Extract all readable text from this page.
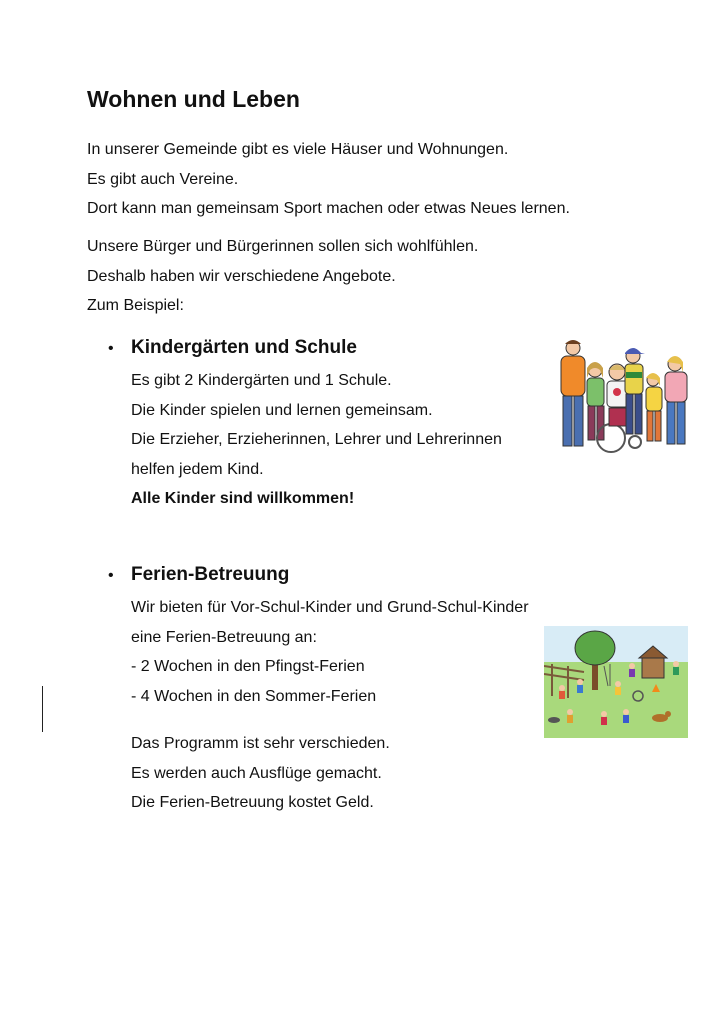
Wohnen und Leben
In unserer Gemeinde gibt es viele Häuser und Wohnungen.
Es gibt auch Vereine.
Dort kann man gemeinsam Sport machen oder etwas Neues lernen.
Unsere Bürger und Bürgerinnen sollen sich wohlfühlen.
Deshalb haben wir verschiedene Angebote.
Zum Beispiel:
• Kindergärten und Schule
Es gibt 2 Kindergärten und 1 Schule.
Die Kinder spielen und lernen gemeinsam.
Die Erzieher, Erzieherinnen, Lehrer und Lehrerinnen
helfen jedem Kind.
Alle Kinder sind willkommen!
• Ferien-Betreuung
Wir bieten für Vor-Schul-Kinder und Grund-Schul-Kinder
eine Ferien-Betreuung an:
- 2 Wochen in den Pfingst-Ferien
- 4 Wochen in den Sommer-Ferien
Das Programm ist sehr verschieden.
Es werden auch Ausflüge gemacht.
Die Ferien-Betreuung kostet Geld.
